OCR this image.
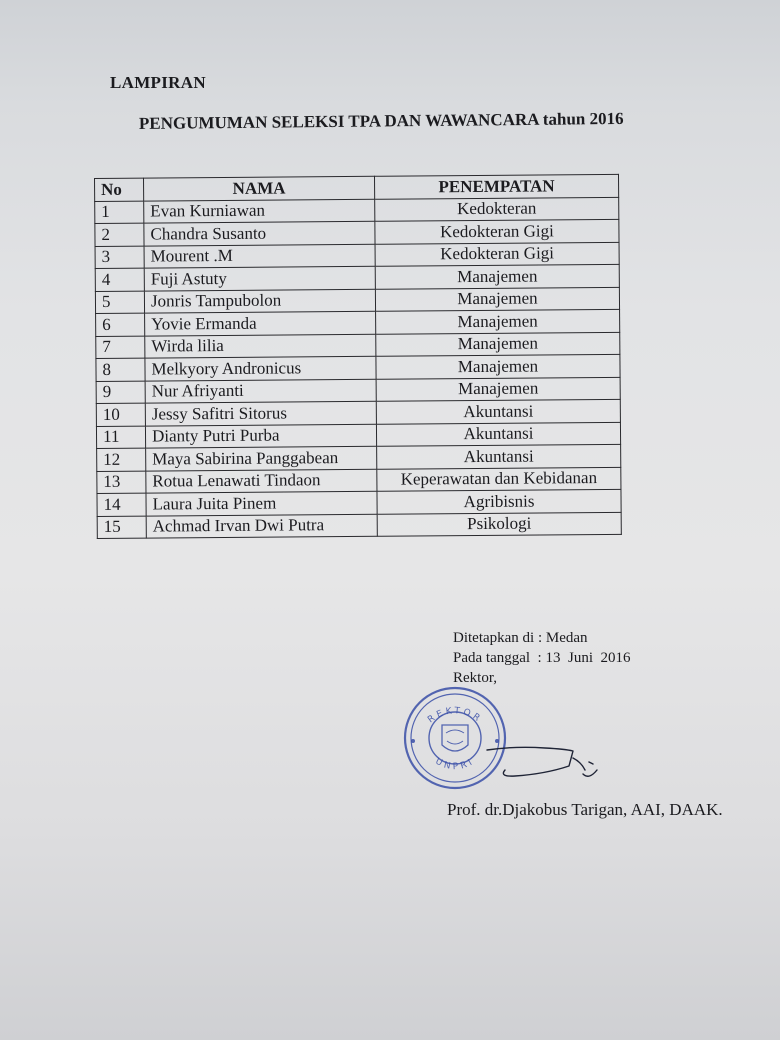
LAMPIRAN
PENGUMUMAN SELEKSI TPA DAN WAWANCARA tahun 2016
No	NAMA	PENEMPATAN
1	Evan Kurniawan	Kedokteran
2	Chandra Susanto	Kedokteran Gigi
3	Mourent .M	Kedokteran Gigi
4	Fuji Astuty	Manajemen
5	Jonris Tampubolon	Manajemen
6	Yovie Ermanda	Manajemen
7	Wirda lilia	Manajemen
8	Melkyory Andronicus	Manajemen
9	Nur Afriyanti	Manajemen
10	Jessy Safitri Sitorus	Akuntansi
11	Dianty Putri Purba	Akuntansi
12	Maya Sabirina Panggabean	Akuntansi
13	Rotua Lenawati Tindaon	Keperawatan dan Kebidanan
14	Laura Juita Pinem	Agribisnis
15	Achmad Irvan Dwi Putra	Psikologi
Ditetapkan di : Medan
Pada tanggal  : 13  Juni  2016
Rektor,
REKTOR
UNPRI
Prof. dr.Djakobus Tarigan, AAI, DAAK.
